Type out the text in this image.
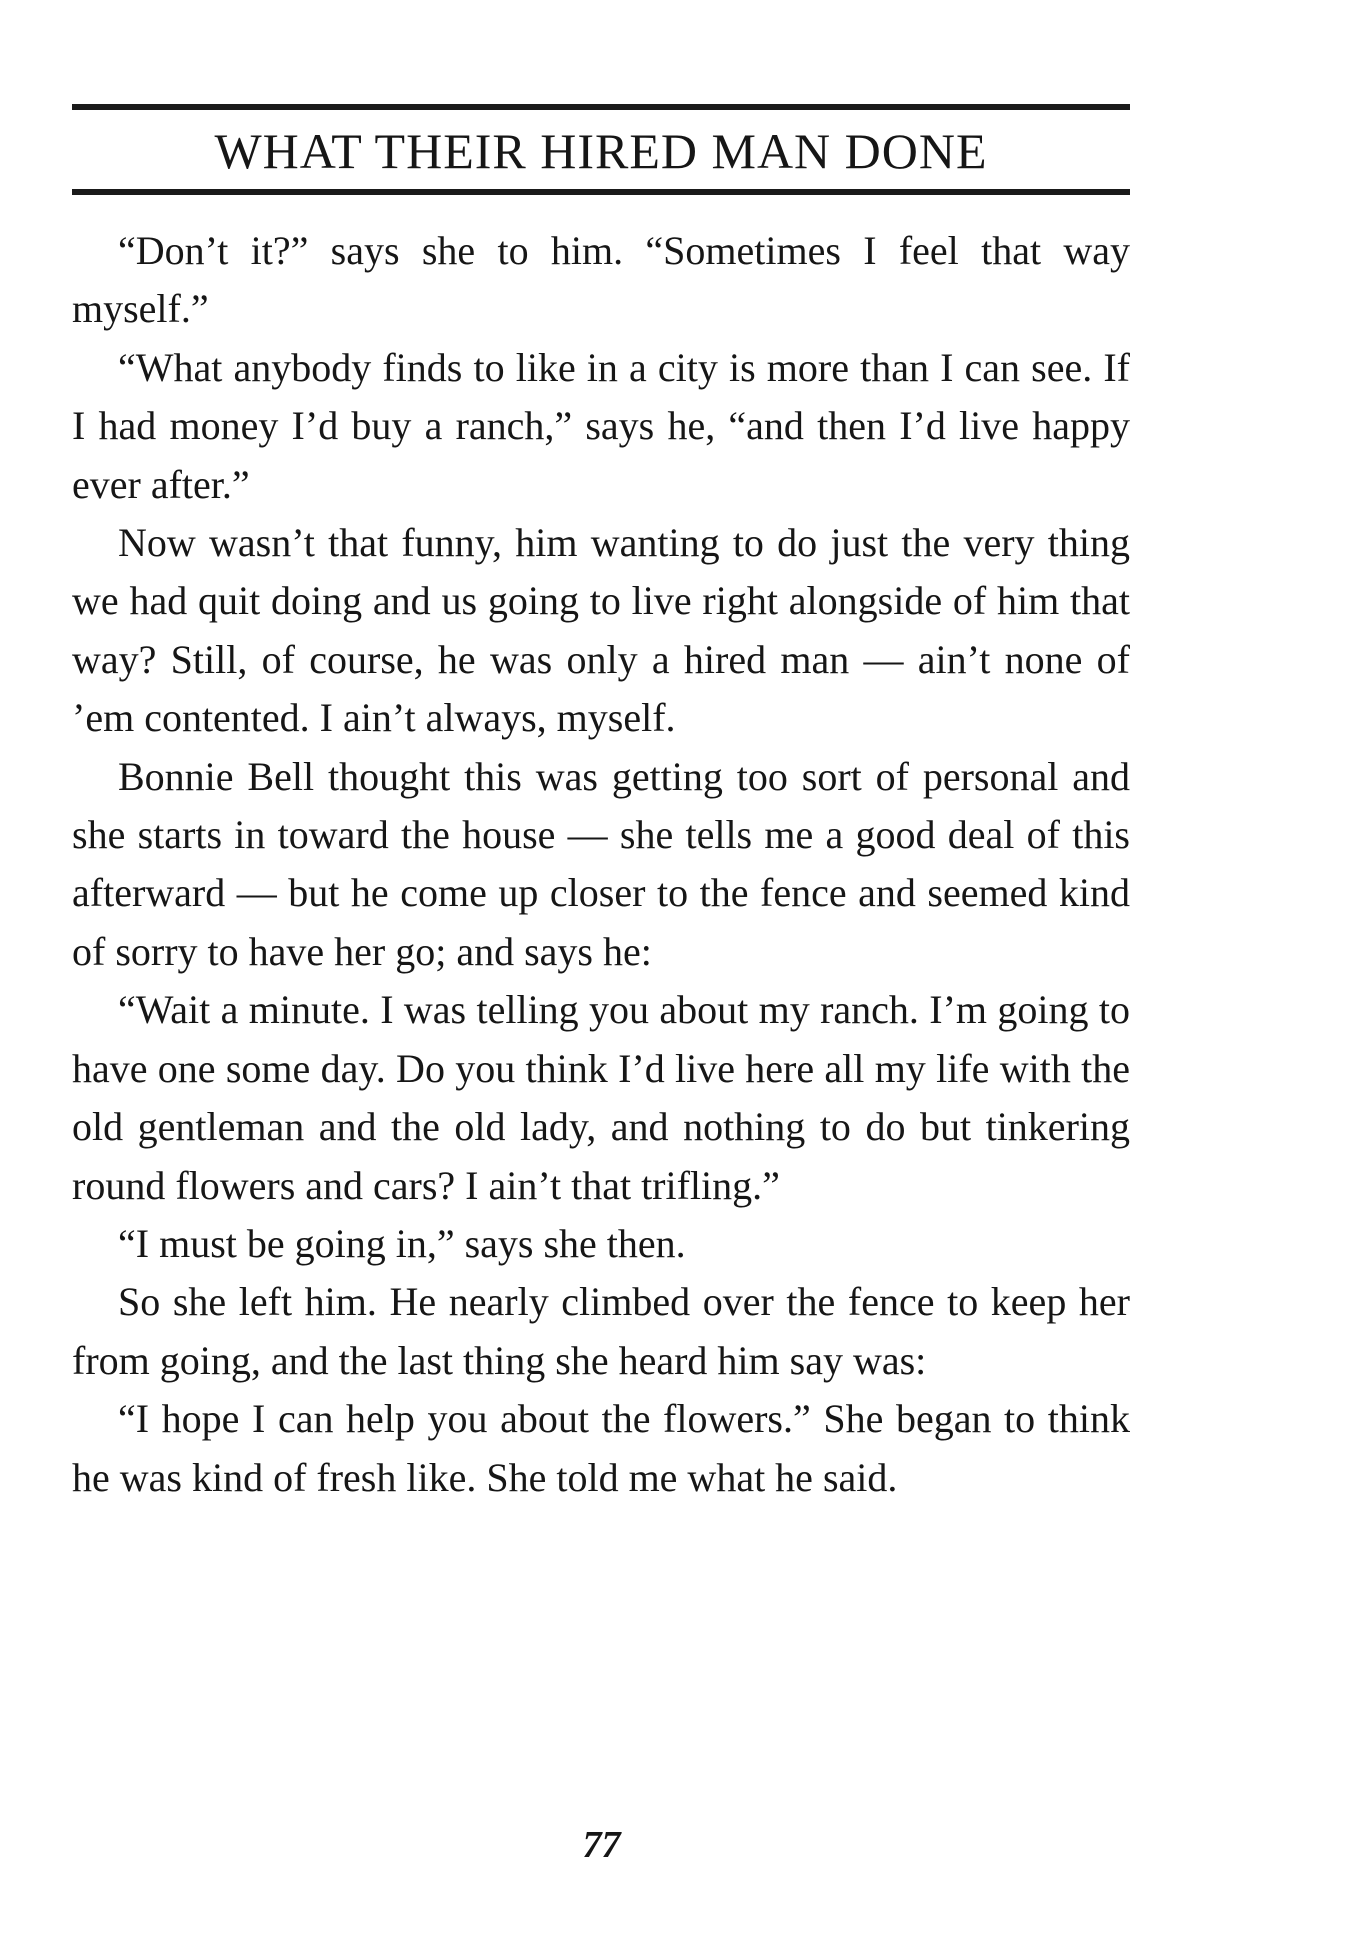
WHAT THEIR HIRED MAN DONE

“Don’t it?” says she to him. “Sometimes I feel that way myself.”

“What anybody finds to like in a city is more than I can see. If I had money I’d buy a ranch,” says he, “and then I’d live happy ever after.”

Now wasn’t that funny, him wanting to do just the very thing we had quit doing and us going to live right alongside of him that way? Still, of course, he was only a hired man — ain’t none of ’em contented. I ain’t always, myself.

Bonnie Bell thought this was getting too sort of personal and she starts in toward the house — she tells me a good deal of this afterward — but he come up closer to the fence and seemed kind of sorry to have her go; and says he:

“Wait a minute. I was telling you about my ranch. I’m going to have one some day. Do you think I’d live here all my life with the old gentleman and the old lady, and nothing to do but tinkering round flowers and cars? I ain’t that trifling.”

“I must be going in,” says she then.

So she left him. He nearly climbed over the fence to keep her from going, and the last thing she heard him say was:

“I hope I can help you about the flowers.” She began to think he was kind of fresh like. She told me what he said.

77
